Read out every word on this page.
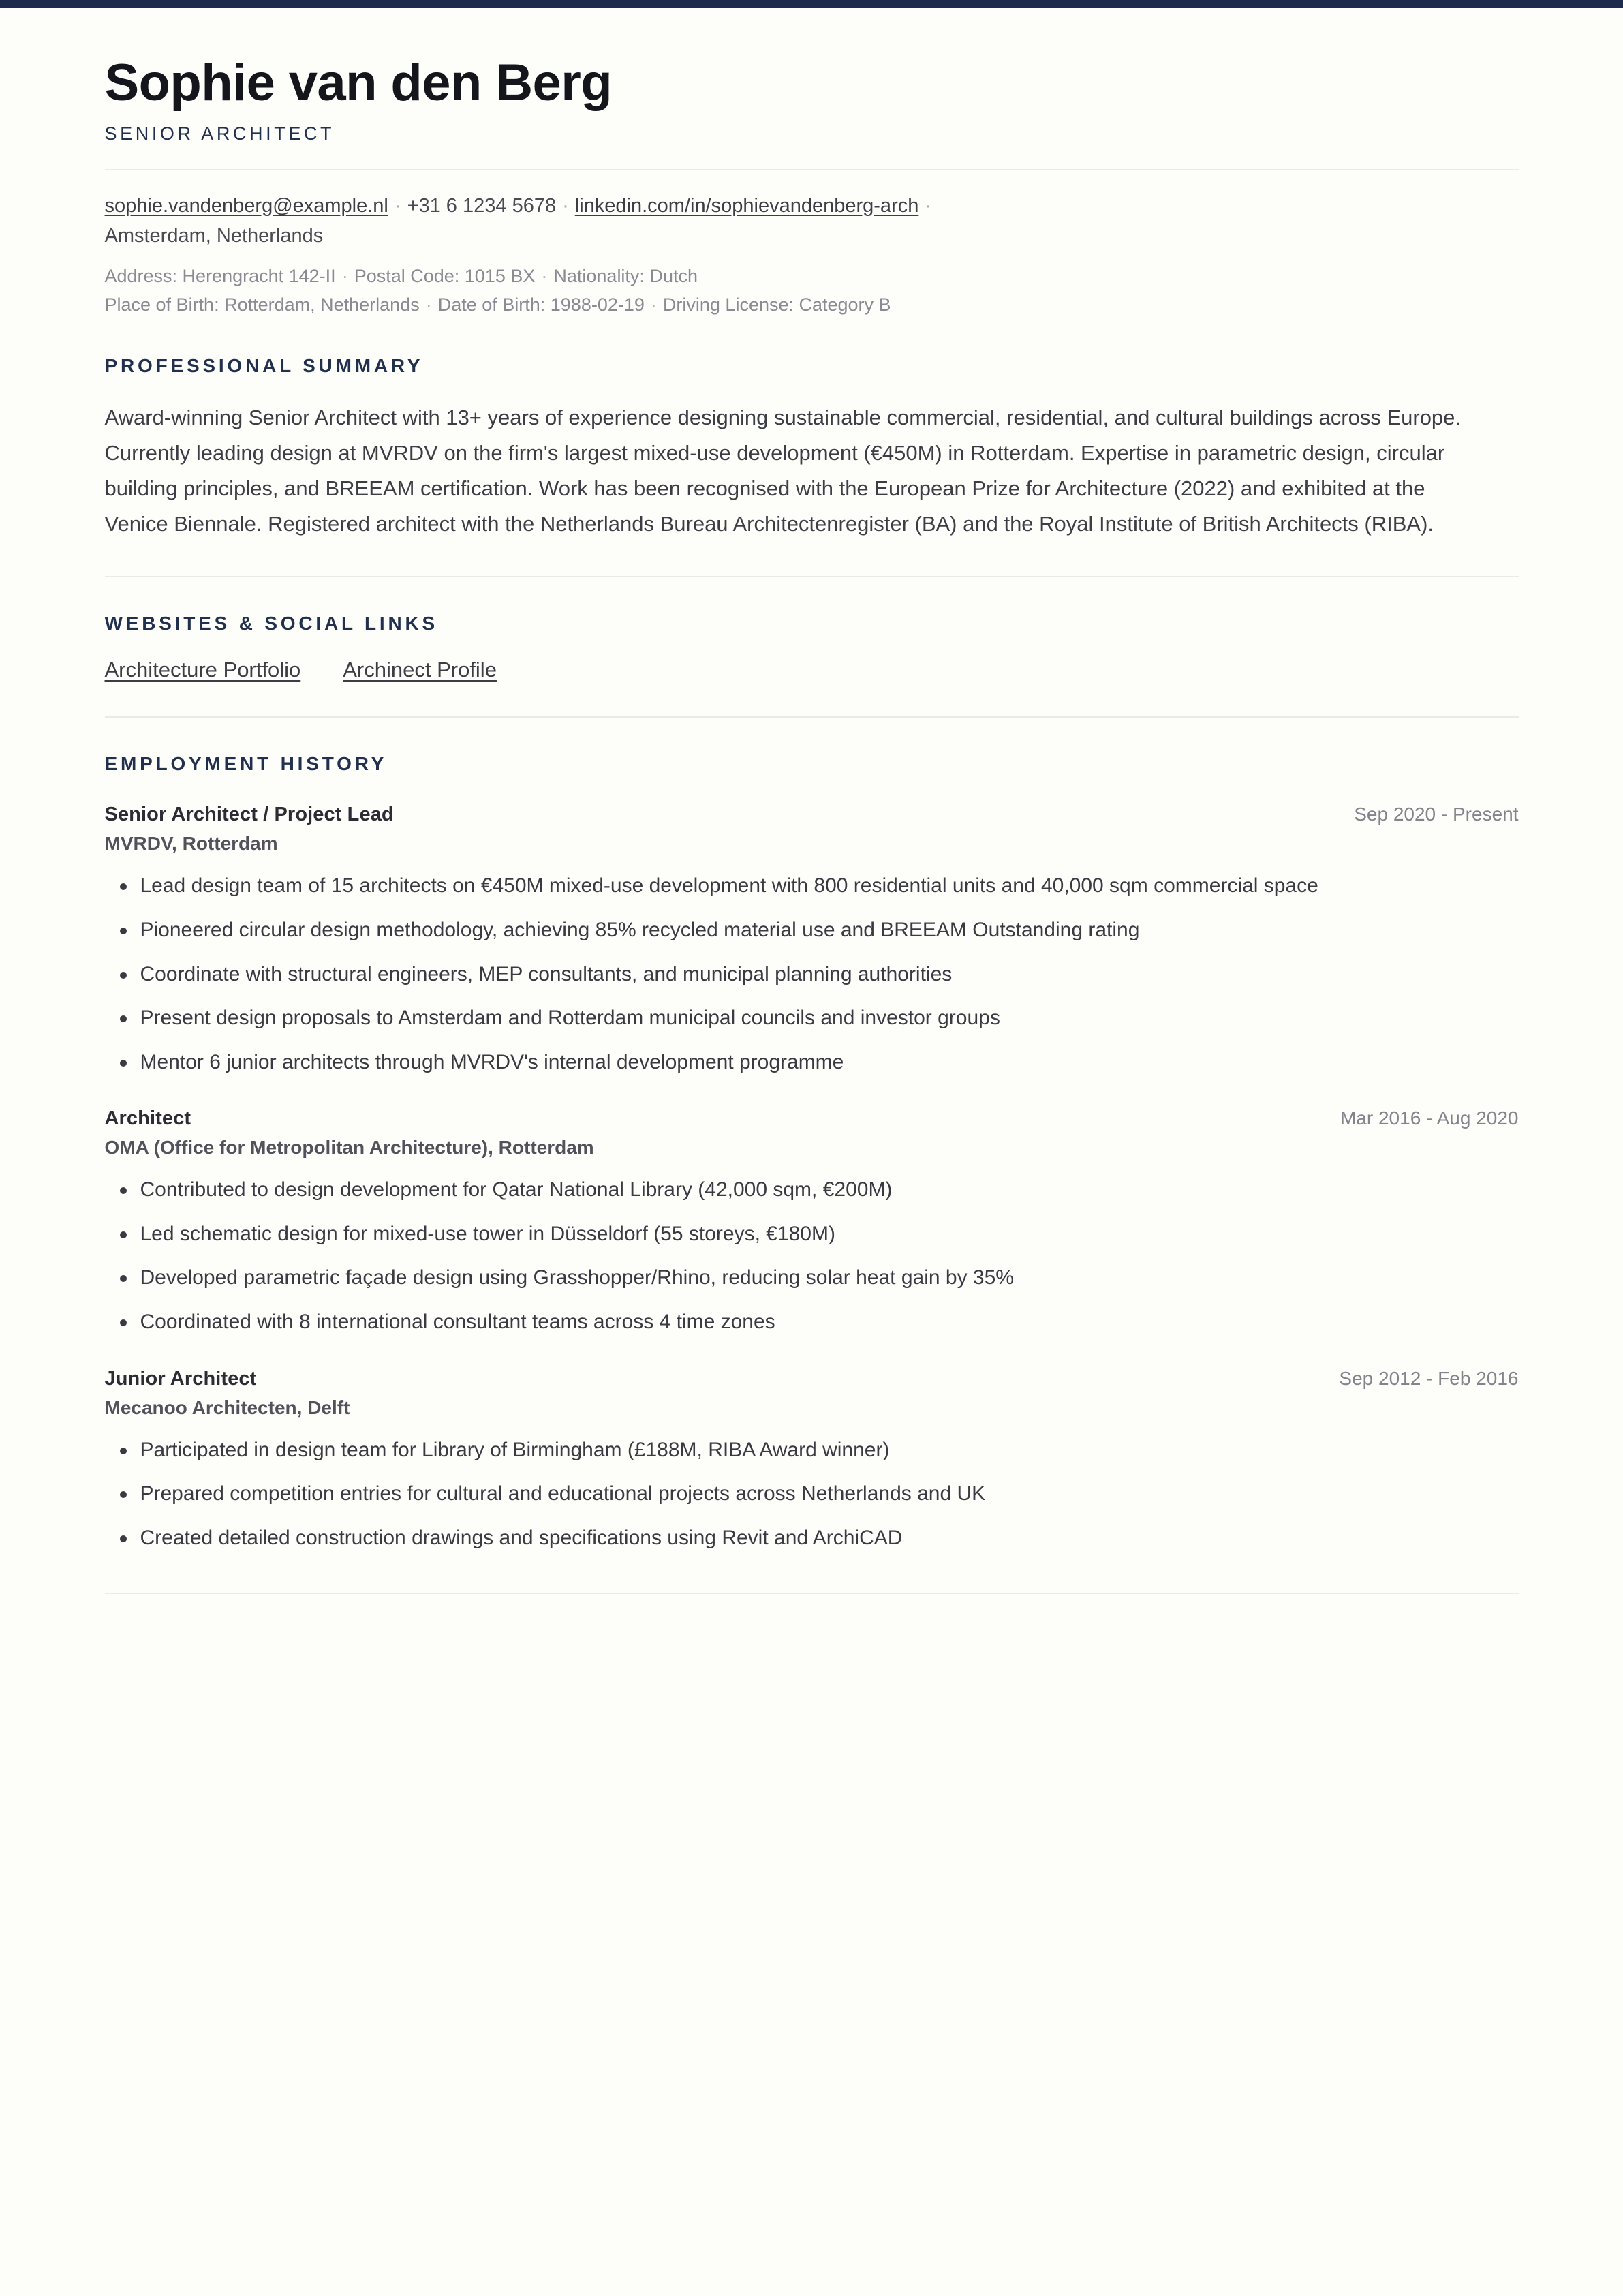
Sophie van den Berg
SENIOR ARCHITECT
sophie.vandenberg@example.nl · +31 6 1234 5678 · linkedin.com/in/sophievandenberg-arch ·
Amsterdam, Netherlands
Address: Herengracht 142-II · Postal Code: 1015 BX · Nationality: Dutch
Place of Birth: Rotterdam, Netherlands · Date of Birth: 1988-02-19 · Driving License: Category B
PROFESSIONAL SUMMARY

Award-winning Senior Architect with 13+ years of experience designing sustainable commercial, residential, and cultural buildings across Europe. Currently leading design at MVRDV on the firm's largest mixed-use development (€450M) in Rotterdam. Expertise in parametric design, circular building principles, and BREEAM certification. Work has been recognised with the European Prize for Architecture (2022) and exhibited at the Venice Biennale. Registered architect with the Netherlands Bureau Architectenregister (BA) and the Royal Institute of British Architects (RIBA).

WEBSITES & SOCIAL LINKS
Architecture Portfolio Archinect Profile
EMPLOYMENT HISTORY
Senior Architect / Project Lead	Sep 2020 - Present
MVRDV, Rotterdam
Lead design team of 15 architects on €450M mixed-use development with 800 residential units and 40,000 sqm commercial space
Pioneered circular design methodology, achieving 85% recycled material use and BREEAM Outstanding rating
Coordinate with structural engineers, MEP consultants, and municipal planning authorities
Present design proposals to Amsterdam and Rotterdam municipal councils and investor groups
Mentor 6 junior architects through MVRDV's internal development programme
Architect	Mar 2016 - Aug 2020
OMA (Office for Metropolitan Architecture), Rotterdam
Contributed to design development for Qatar National Library (42,000 sqm, €200M)
Led schematic design for mixed-use tower in Düsseldorf (55 storeys, €180M)
Developed parametric façade design using Grasshopper/Rhino, reducing solar heat gain by 35%
Coordinated with 8 international consultant teams across 4 time zones
Junior Architect	Sep 2012 - Feb 2016
Mecanoo Architecten, Delft
Participated in design team for Library of Birmingham (£188M, RIBA Award winner)
Prepared competition entries for cultural and educational projects across Netherlands and UK
Created detailed construction drawings and specifications using Revit and ArchiCAD
